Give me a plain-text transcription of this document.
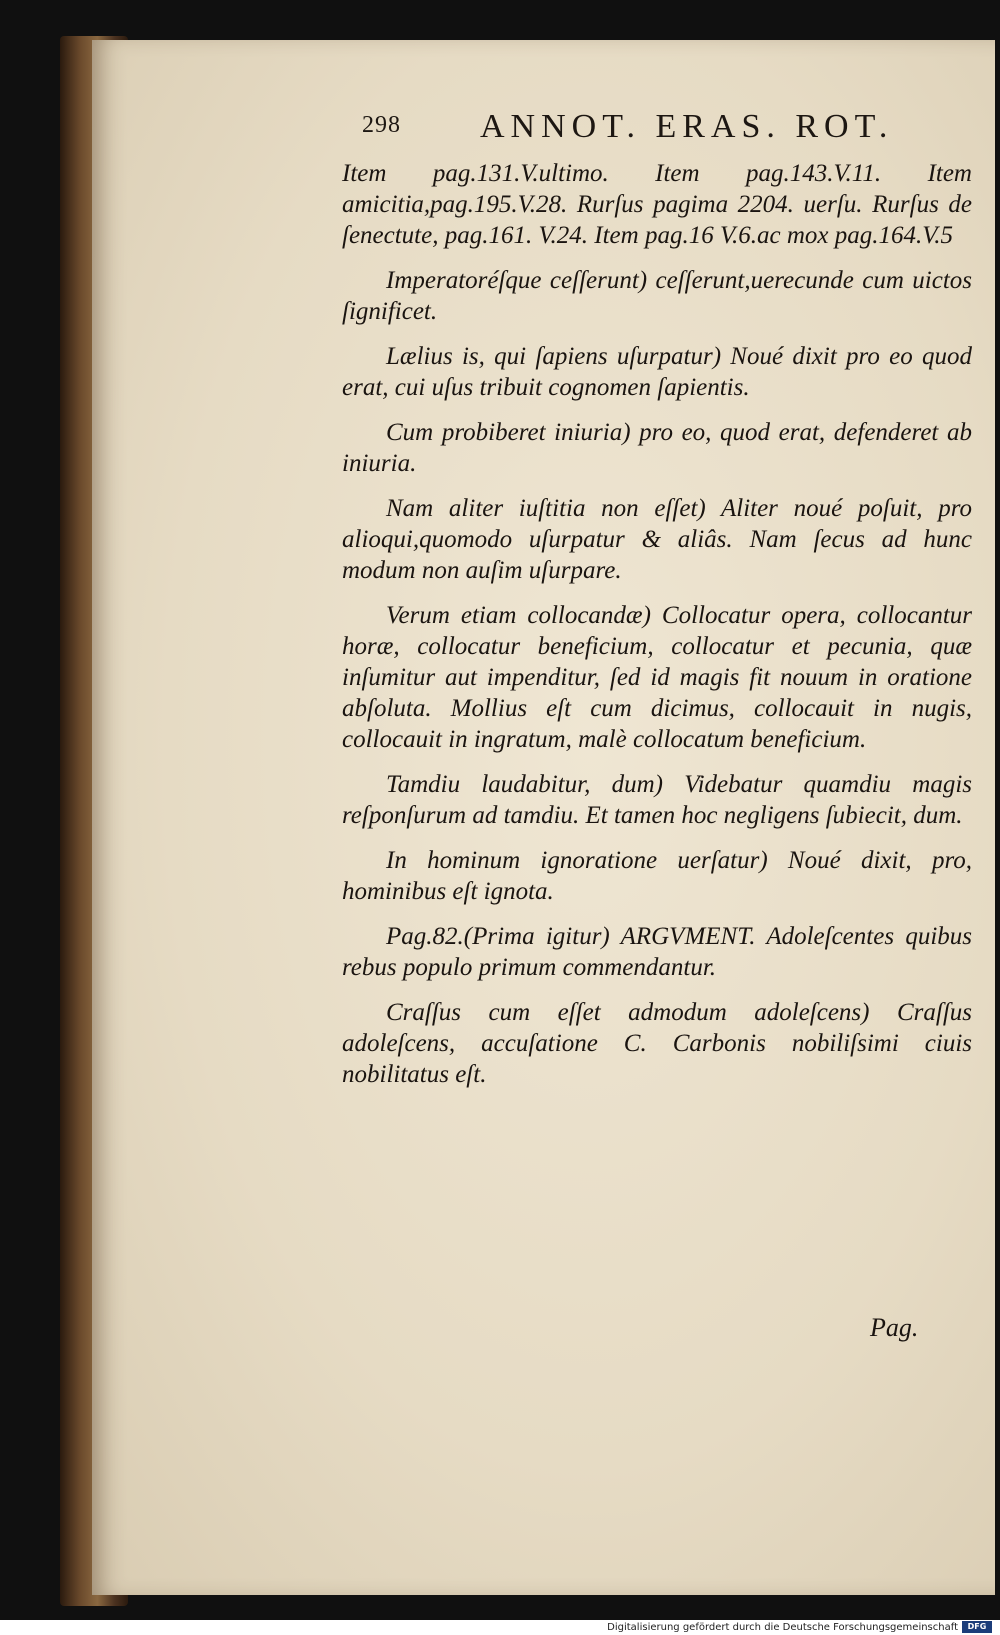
298 ANNOT. ERAS. ROT.

Item pag.131.V.ultimo. Item pag.143.V.11. Item amicitia,pag.195.V.28. Rurſus pagima 2204. uerſu. Rurſus de ſenectute, pag.161. V.24. Item pag.16 V.6.ac mox pag.164.V.5

Imperatoréſque ceſſerunt) ceſſerunt,uerecunde cum uictos ſignificet.

Lælius is, qui ſapiens uſurpatur) Noué dixit pro eo quod erat, cui uſus tribuit cognomen ſapientis.

Cum probiberet iniuria) pro eo, quod erat, defenderet ab iniuria.

Nam aliter iuſtitia non eſſet) Aliter noué poſuit, pro alioqui,quomodo uſurpatur & aliâs. Nam ſecus ad hunc modum non auſim uſurpare.

Verum etiam collocandæ) Collocatur opera, collocantur horæ, collocatur beneficium, collocatur et pecunia, quæ inſumitur aut impenditur, ſed id magis fit nouum in oratione abſoluta. Mollius eſt cum dicimus, collocauit in nugis, collocauit in ingratum, malè collocatum beneficium.

Tamdiu laudabitur, dum) Videbatur quamdiu magis reſponſurum ad tamdiu. Et tamen hoc negligens ſubiecit, dum.

In hominum ignoratione uerſatur) Noué dixit, pro, hominibus eſt ignota.

Pag.82.(Prima igitur) ARGVMENT. Adoleſcentes quibus rebus populo primum commendantur.

Craſſus cum eſſet admodum adoleſcens) Craſſus adoleſcens, accuſatione C. Carbonis nobiliſsimi ciuis nobilitatus eſt.

Pag.
Digitalisierung gefördert durch die Deutsche Forschungsgemeinschaft	DFG
